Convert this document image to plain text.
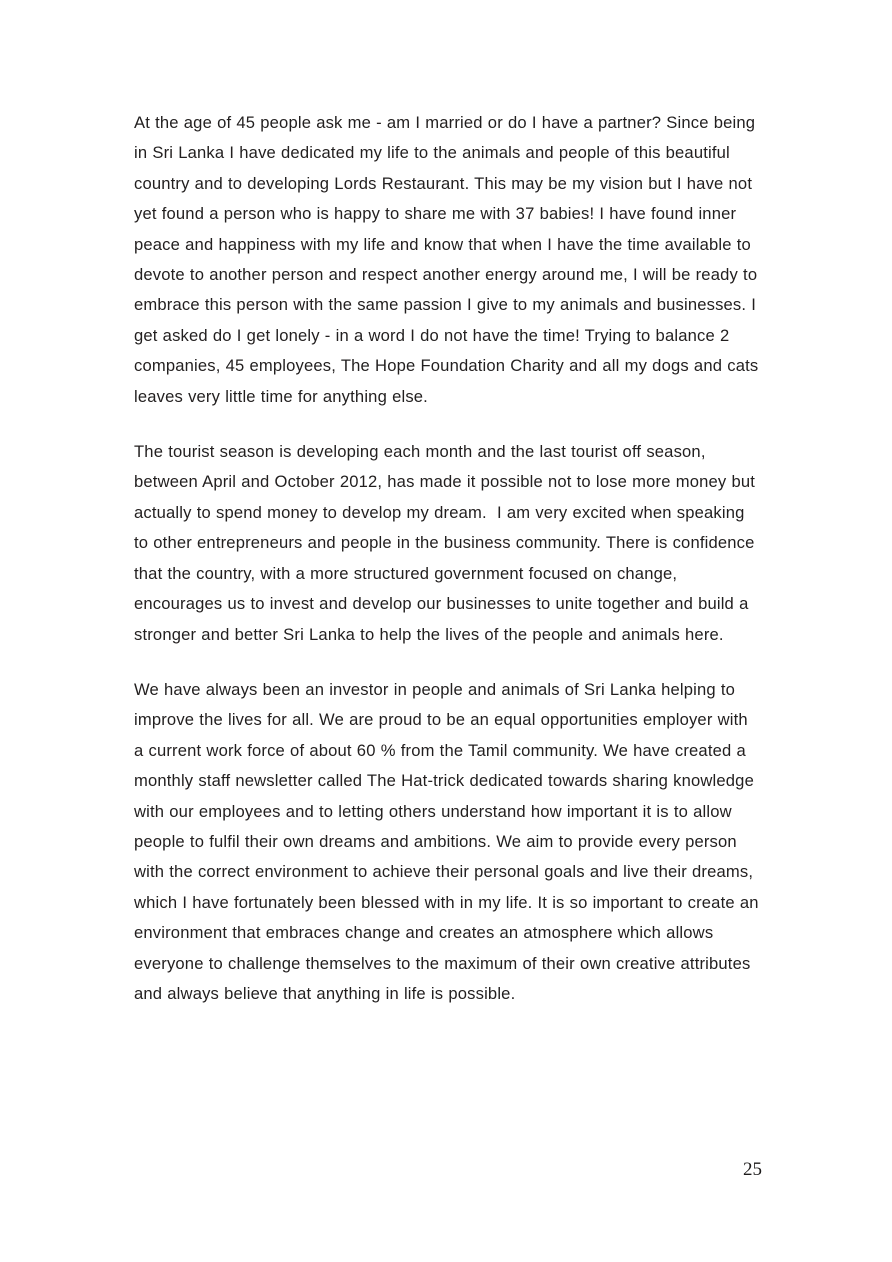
At the age of 45 people ask me - am I married or do I have a partner? Since being in Sri Lanka I have dedicated my life to the animals and people of this beautiful country and to developing Lords Restaurant. This may be my vision but I have not yet found a person who is happy to share me with 37 babies! I have found inner peace and happiness with my life and know that when I have the time available to devote to another person and respect another energy around me, I will be ready to embrace this person with the same passion I give to my animals and businesses. I get asked do I get lonely - in a word I do not have the time! Trying to balance 2 companies, 45 employees, The Hope Foundation Charity and all my dogs and cats leaves very little time for anything else.

The tourist season is developing each month and the last tourist off season, between April and October 2012, has made it possible not to lose more money but actually to spend money to develop my dream.  I am very excited when speaking to other entrepreneurs and people in the business community. There is confidence that the country, with a more structured government focused on change, encourages us to invest and develop our businesses to unite together and build a stronger and better Sri Lanka to help the lives of the people and animals here.

We have always been an investor in people and animals of Sri Lanka helping to improve the lives for all. We are proud to be an equal opportunities employer with a current work force of about 60 % from the Tamil community. We have created a monthly staff newsletter called The Hat-trick dedicated towards sharing knowledge with our employees and to letting others understand how important it is to allow people to fulfil their own dreams and ambitions. We aim to provide every person with the correct environment to achieve their personal goals and live their dreams, which I have fortunately been blessed with in my life. It is so important to create an environment that embraces change and creates an atmosphere which allows everyone to challenge themselves to the maximum of their own creative attributes and always believe that anything in life is possible.

25
